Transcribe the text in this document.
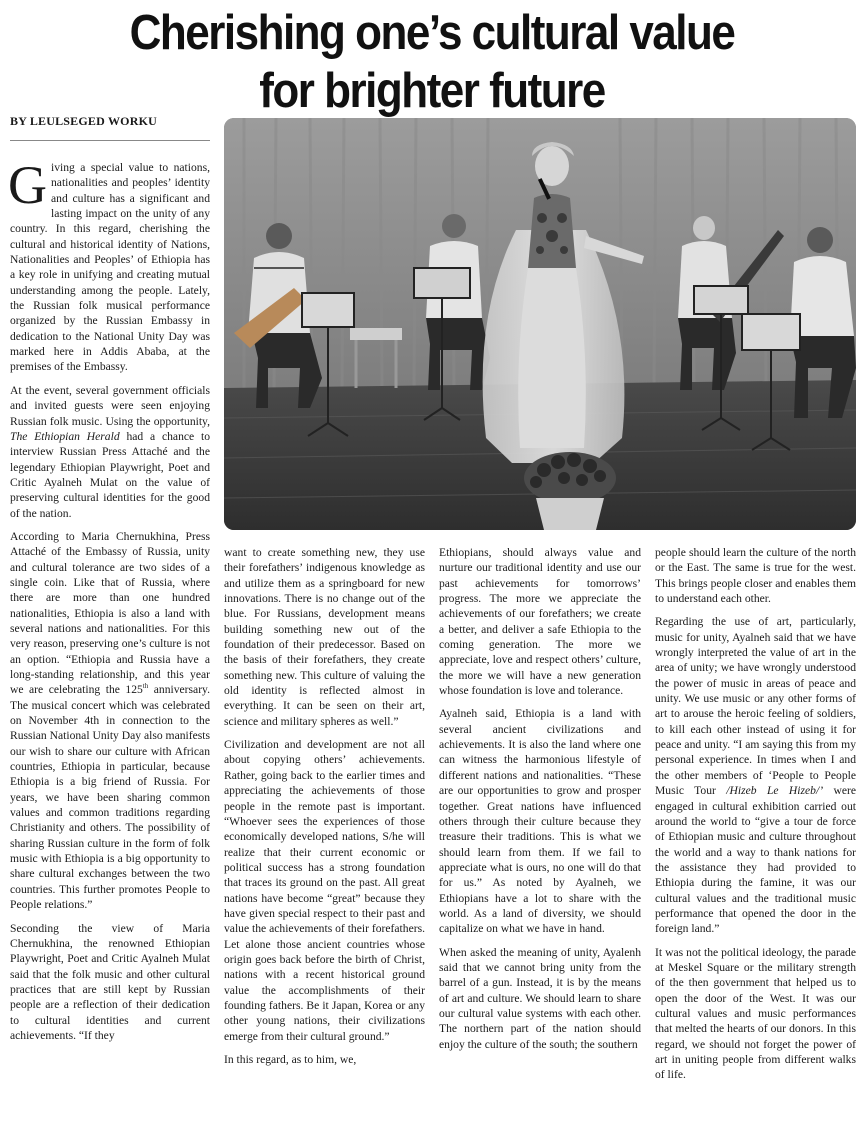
Cherishing one’s cultural value
for brighter future
BY LEULSEGED WORKU

Giving a special value to nations, nationalities and peoples’ identity and culture has a significant and lasting impact on the unity of any country. In this regard, cherishing the cultural and historical identity of Nations, Nationalities and Peoples’ of Ethiopia has a key role in unifying and creating mutual understanding among the people. Lately, the Russian folk musical performance organized by the Russian Embassy in dedication to the National Unity Day was marked here in Addis Ababa, at the premises of the Embassy.

At the event, several government officials and invited guests were seen enjoying Russian folk music. Using the opportunity, The Ethiopian Herald had a chance to interview Russian Press Attaché and the legendary Ethiopian Playwright, Poet and Critic Ayalneh Mulat on the value of preserving cultural identities for the good of the nation.

According to Maria Chernukhina, Press Attaché of the Embassy of Russia, unity and cultural tolerance are two sides of a single coin. Like that of Russia, where there are more than one hundred nationalities, Ethiopia is also a land with several nations and nationalities. For this very reason, preserving one’s culture is not an option. “Ethiopia and Russia have a long-standing relationship, and this year we are celebrating the 125th anniversary. The musical concert which was celebrated on November 4th in connection to the Russian National Unity Day also manifests our wish to share our culture with African countries, Ethiopia in particular, because Ethiopia is a big friend of Russia. For years, we have been sharing common values and common traditions regarding Christianity and others. The possibility of sharing Russian culture in the form of folk music with Ethiopia is a big opportunity to share cultural exchanges between the two countries. This further promotes People to People relations.”

Seconding the view of Maria Chernukhina, the renowned Ethiopian Playwright, Poet and Critic Ayalneh Mulat said that the folk music and other cultural practices that are still kept by Russian people are a reflection of their dedication to cultural identities and current achievements. “If they

want to create something new, they use their forefathers’ indigenous knowledge as and utilize them as a springboard for new innovations. There is no change out of the blue. For Russians, development means building something new out of the foundation of their predecessor. Based on the basis of their forefathers, they create something new. This culture of valuing the old identity is reflected almost in everything. It can be seen on their art, science and military spheres as well.”

Civilization and development are not all about copying others’ achievements. Rather, going back to the earlier times and appreciating the achievements of those people in the remote past is important. “Whoever sees the experiences of those economically developed nations, S/he will realize that their current economic or political success has a strong foundation that traces its ground on the past. All great nations have become “great” because they have given special respect to their past and value the achievements of their forefathers. Let alone those ancient countries whose origin goes back before the birth of Christ, nations with a recent historical ground value the accomplishments of their founding fathers. Be it Japan, Korea or any other young nations, their civilizations emerge from their cultural ground.”

In this regard, as to him, we,

Ethiopians, should always value and nurture our traditional identity and use our past achievements for tomorrows’ progress. The more we appreciate the achievements of our forefathers; we create a better, and deliver a safe Ethiopia to the coming generation. The more we appreciate, love and respect others’ culture, the more we will have a new generation whose foundation is love and tolerance.

Ayalneh said, Ethiopia is a land with several ancient civilizations and achievements. It is also the land where one can witness the harmonious lifestyle of different nations and nationalities. “These are our opportunities to grow and prosper together. Great nations have influenced others through their culture because they treasure their traditions. This is what we should learn from them. If we fail to appreciate what is ours, no one will do that for us.” As noted by Ayalneh, we Ethiopians have a lot to share with the world. As a land of diversity, we should capitalize on what we have in hand.

When asked the meaning of unity, Ayalenh said that we cannot bring unity from the barrel of a gun. Instead, it is by the means of art and culture. We should learn to share our cultural value systems with each other. The northern part of the nation should enjoy the culture of the south; the southern

people should learn the culture of the north or the East. The same is true for the west. This brings people closer and enables them to understand each other.

Regarding the use of art, particularly, music for unity, Ayalneh said that we have wrongly interpreted the value of art in the area of unity; we have wrongly understood the power of music in areas of peace and unity. We use music or any other forms of art to arouse the heroic feeling of soldiers, to kill each other instead of using it for peace and unity. “I am saying this from my personal experience. In times when I and the other members of ‘People to People Music Tour /Hizeb Le Hizeb/’ were engaged in cultural exhibition carried out around the world to “give a tour de force of Ethiopian music and culture throughout the world and a way to thank nations for the assistance they had provided to Ethiopia during the famine, it was our cultural values and the traditional music performance that opened the door in the foreign land.”

It was not the political ideology, the parade at Meskel Square or the military strength of the then government that helped us to open the door of the West. It was our cultural values and music performances that melted the hearts of our donors. In this regard, we should not forget the power of art in uniting people from different walks of life.
